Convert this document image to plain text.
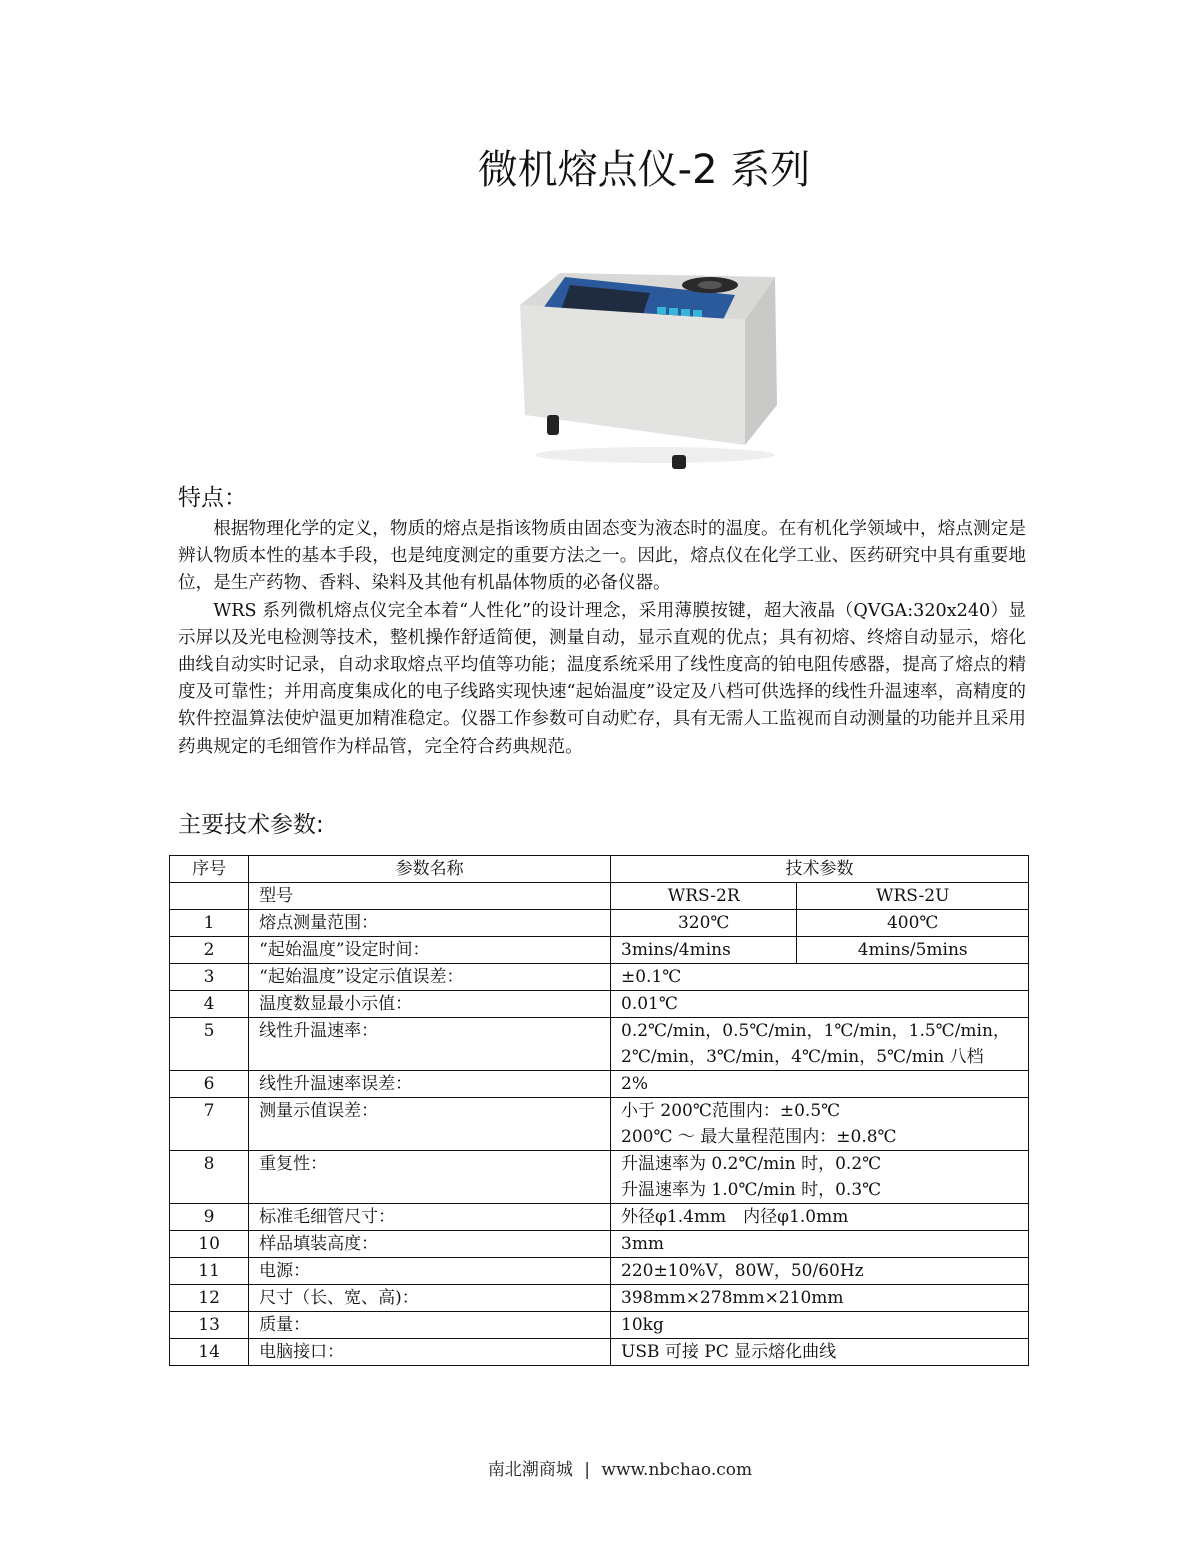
微机熔点仪-2 系列
特点：

根据物理化学的定义，物质的熔点是指该物质由固态变为液态时的温度。在有机化学领域中，熔点测定是辨认物质本性的基本手段，也是纯度测定的重要方法之一。因此，熔点仪在化学工业、医药研究中具有重要地位，是生产药物、香料、染料及其他有机晶体物质的必备仪器。

WRS 系列微机熔点仪完全本着“人性化”的设计理念，采用薄膜按键，超大液晶（QVGA:320x240）显示屏以及光电检测等技术，整机操作舒适简便，测量自动，显示直观的优点；具有初熔、终熔自动显示，熔化曲线自动实时记录，自动求取熔点平均值等功能；温度系统采用了线性度高的铂电阻传感器，提高了熔点的精度及可靠性；并用高度集成化的电子线路实现快速“起始温度”设定及八档可供选择的线性升温速率，高精度的软件控温算法使炉温更加精准稳定。仪器工作参数可自动贮存，具有无需人工监视而自动测量的功能并且采用药典规定的毛细管作为样品管，完全符合药典规范。

主要技术参数:
序号	参数名称	技术参数	
	型号	WRS-2R	WRS-2U
1	熔点测量范围：	320℃	400℃
2	“起始温度”设定时间：	3mins/4mins	4mins/5mins
3	“起始温度”设定示值误差：	±0.1℃	
4	温度数显最小示值：	0.01℃	
5	线性升温速率：	0.2℃/min，0.5℃/min，1℃/min，1.5℃/min，
2℃/min，3℃/min，4℃/min，5℃/min 八档	

6	线性升温速率误差：	2%	
7	测量示值误差：	小于 200℃范围内：±0.5℃
200℃ ～ 最大量程范围内：±0.8℃	

8	重复性：	升温速率为 0.2℃/min 时，0.2℃
升温速率为 1.0℃/min 时，0.3℃	

9	标准毛细管尺寸：	外径φ1.4mm　内径φ1.0mm	
10	样品填装高度：	3mm	
11	电源：	220±10%V，80W，50/60Hz	
12	尺寸（长、宽、高)：	398mm×278mm×210mm	
13	质量：	10kg	
14	电脑接口：	USB 可接 PC 显示熔化曲线	
南北潮商城 | www.nbchao.com
